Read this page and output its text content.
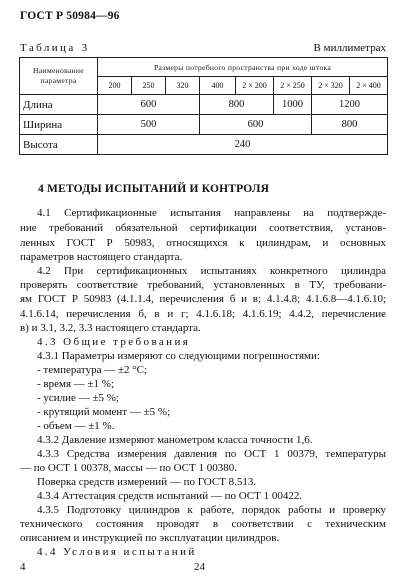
ГОСТ Р 50984—96
Таблица 3	В миллиметрах
Наименование параметра	Размеры потребного пространства при ходе штока							
	200	250	320	400	2 × 200	2 × 250	2 × 320	2 × 400
Длина	600			800		1000	1200	
Ширина	500			600			800	
Высота	240							
4 МЕТОДЫ ИСПЫТАНИЙ И КОНТРОЛЯ
4.1 Сертификационные испытания направлены на подтвержде-
ние требований обязательной сертификации соответствия, установ-
ленных ГОСТ Р 50983, относящихся к цилиндрам, и основных
параметров настоящего стандарта.
4.2 При сертификационных испытаниях конкретного цилиндра
проверять соответствие требований, установленных в ТУ, требовани-
ям ГОСТ Р 50983 (4.1.1.4, перечисления б и в; 4.1.4.8; 4.1.6.8—4.1.6.10;
4.1.6.14, перечисления б, в и г; 4.1.6.18; 4.1.6.19; 4.4.2, перечисление
в) и 3.1, 3.2, 3.3 настоящего стандарта.
4.3 Общие требования
4.3.1 Параметры измеряют со следующими погрешностями:
- температура — ±2 °С;
- время — ±1 %;
- усилие — ±5 %;
- крутящий момент — ±5 %;
- объем — ±1 %.
4.3.2 Давление измеряют манометром класса точности 1,6.
4.3.3 Средства измерения давления по ОСТ 1 00379, температуры
— по ОСТ 1 00378, массы — по ОСТ 1 00380.
Поверка средств измерений — по ГОСТ 8.513.
4.3.4 Аттестация средств испытаний — по ОСТ 1 00422.
4.3.5 Подготовку цилиндров к работе, порядок работы и проверку
технического состояния проводят в соответствии с техническим
описанием и инструкцией по эксплуатации цилиндров.
4.4 Условия испытаний
4	24
